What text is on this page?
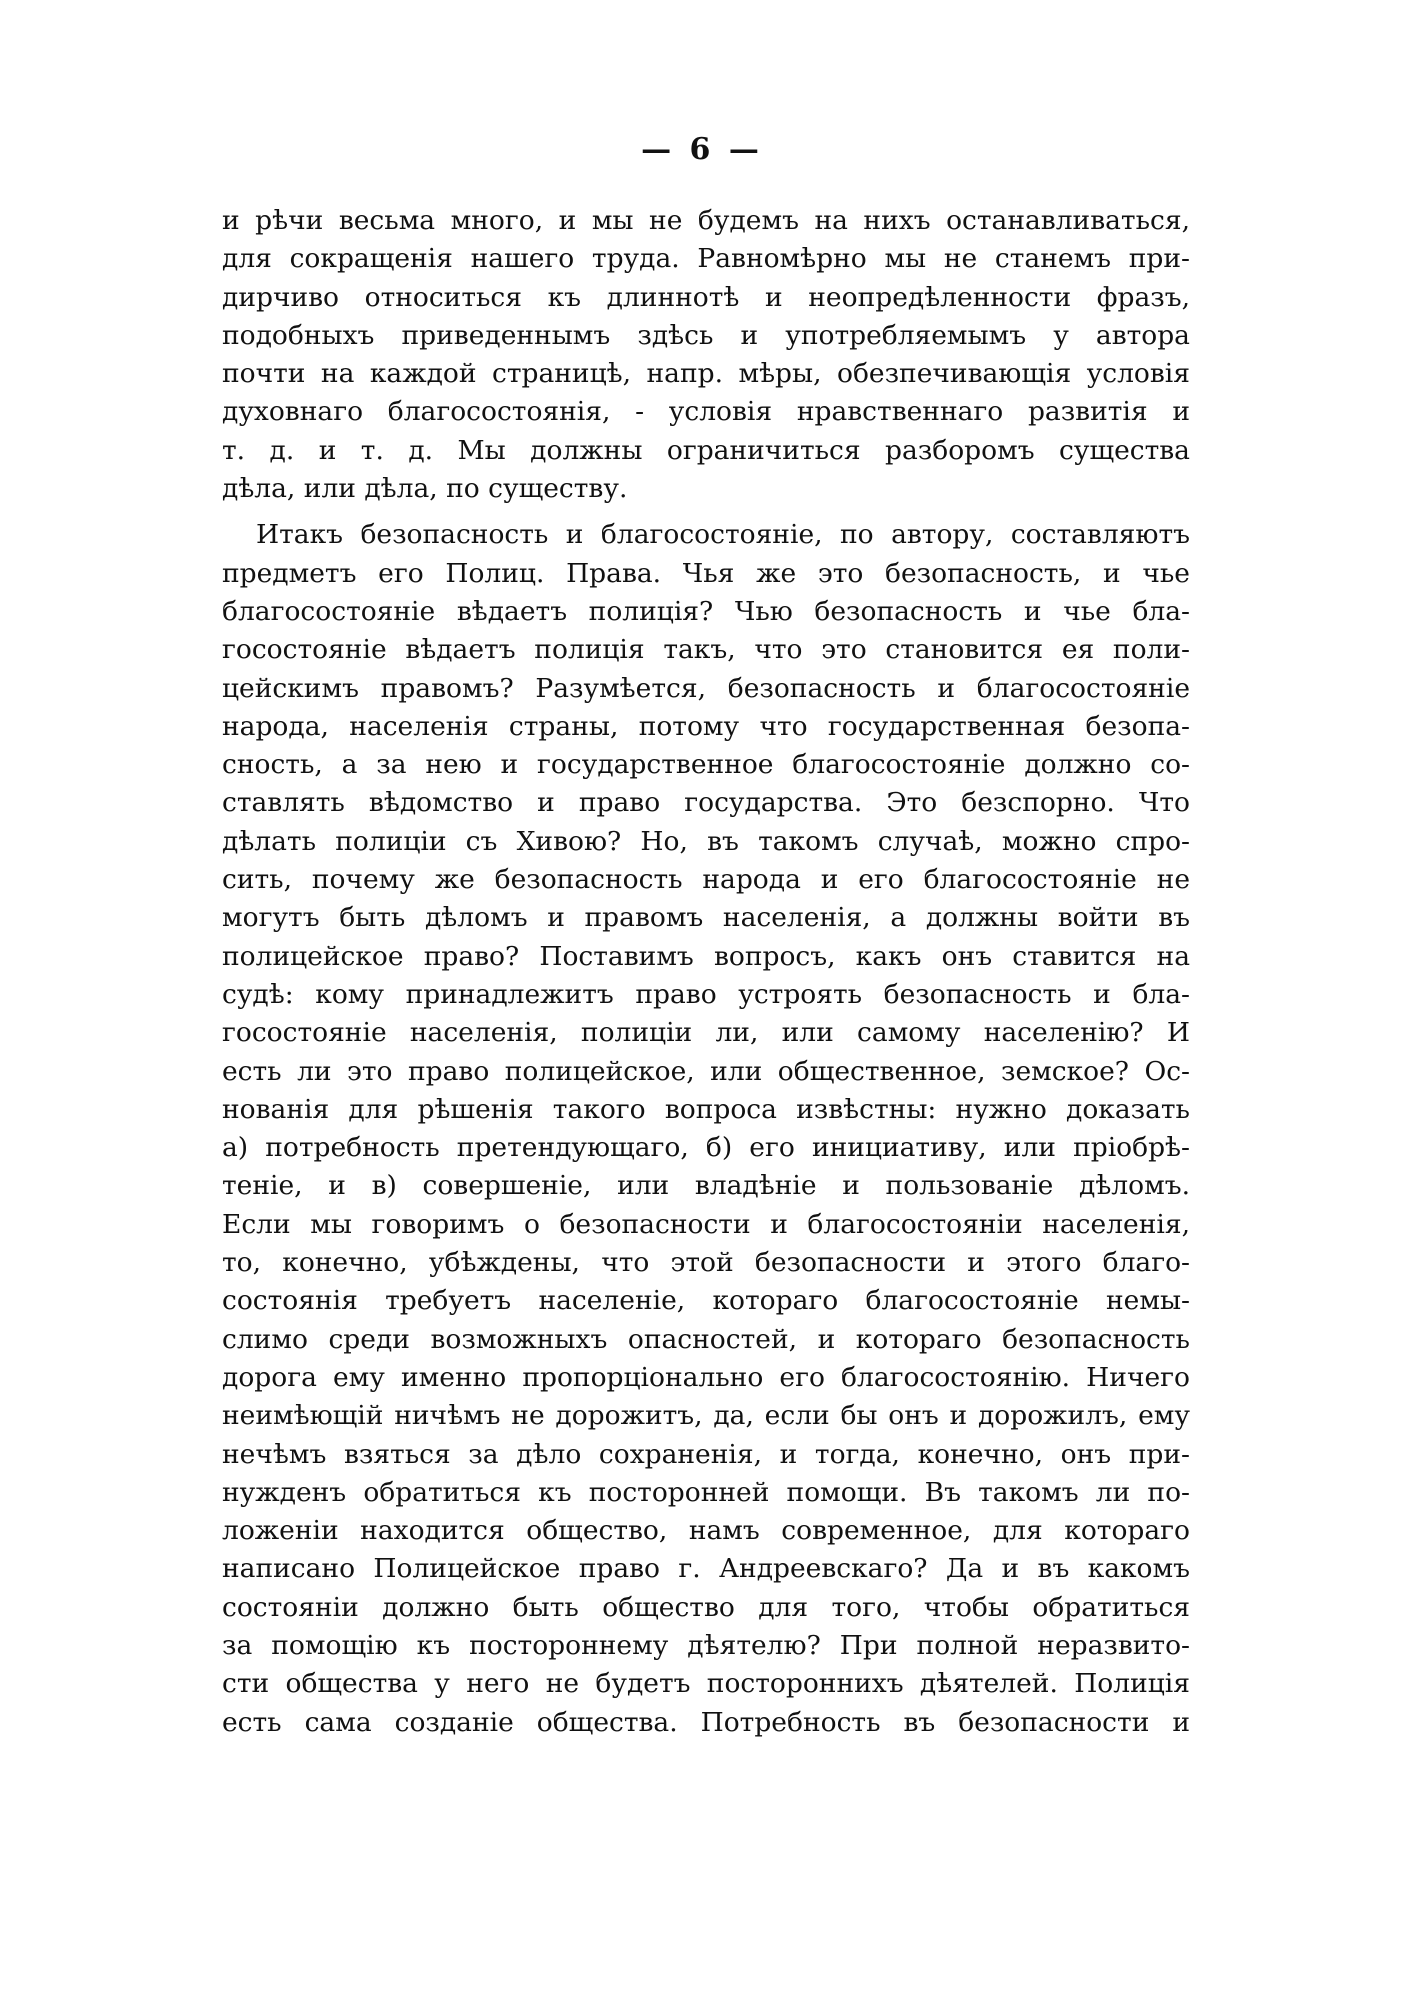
— 6 —
и рѣчи весьма много, и мы не будемъ на нихъ останавливаться,
для сокращенія нашего труда. Равномѣрно мы не станемъ при-
дирчиво относиться къ длиннотѣ и неопредѣленности фразъ,
подобныхъ приведеннымъ здѣсь и употребляемымъ у автора
почти на каждой страницѣ, напр. мѣры, обезпечивающія условія
духовнаго благосостоянія, - условія нравственнаго развитія и
т. д. и т. д. Мы должны ограничиться разборомъ существа
дѣла, или дѣла, по существу.
Итакъ безопасность и благосостояніе, по автору, составляютъ
предметъ его Полиц. Права. Чья же это безопасность, и чье
благосостояніе вѣдаетъ полиція? Чью безопасность и чье бла-
госостояніе вѣдаетъ полиція такъ, что это становится ея поли-
цейскимъ правомъ? Разумѣется, безопасность и благосостояніе
народа, населенія страны, потому что государственная безопа-
сность, а за нею и государственное благосостояніе должно со-
ставлять вѣдомство и право государства. Это безспорно. Что
дѣлать полиціи съ Хивою? Но, въ такомъ случаѣ, можно спро-
сить, почему же безопасность народа и его благосостояніе не
могутъ быть дѣломъ и правомъ населенія, а должны войти въ
полицейское право? Поставимъ вопросъ, какъ онъ ставится на
судѣ: кому принадлежитъ право устроять безопасность и бла-
госостояніе населенія, полиціи ли, или самому населенію? И
есть ли это право полицейское, или общественное, земское? Ос-
нованія для рѣшенія такого вопроса извѣстны: нужно доказать
а) потребность претендующаго, б) его инициативу, или пріобрѣ-
теніе, и в) совершеніе, или владѣніе и пользованіе дѣломъ.
Если мы говоримъ о безопасности и благосостояніи населенія,
то, конечно, убѣждены, что этой безопасности и этого благо-
состоянія требуетъ населеніе, котораго благосостояніе немы-
слимо среди возможныхъ опасностей, и котораго безопасность
дорога ему именно пропорціонально его благосостоянію. Ничего
неимѣющій ничѣмъ не дорожитъ, да, если бы онъ и дорожилъ, ему
нечѣмъ взяться за дѣло сохраненія, и тогда, конечно, онъ при-
нужденъ обратиться къ посторонней помощи. Въ такомъ ли по-
ложеніи находится общество, намъ современное, для котораго
написано Полицейское право г. Андреевскаго? Да и въ какомъ
состояніи должно быть общество для того, чтобы обратиться
за помощію къ постороннему дѣятелю? При полной неразвито-
сти общества у него не будетъ постороннихъ дѣятелей. Полиція
есть сама созданіе общества. Потребность въ безопасности и
